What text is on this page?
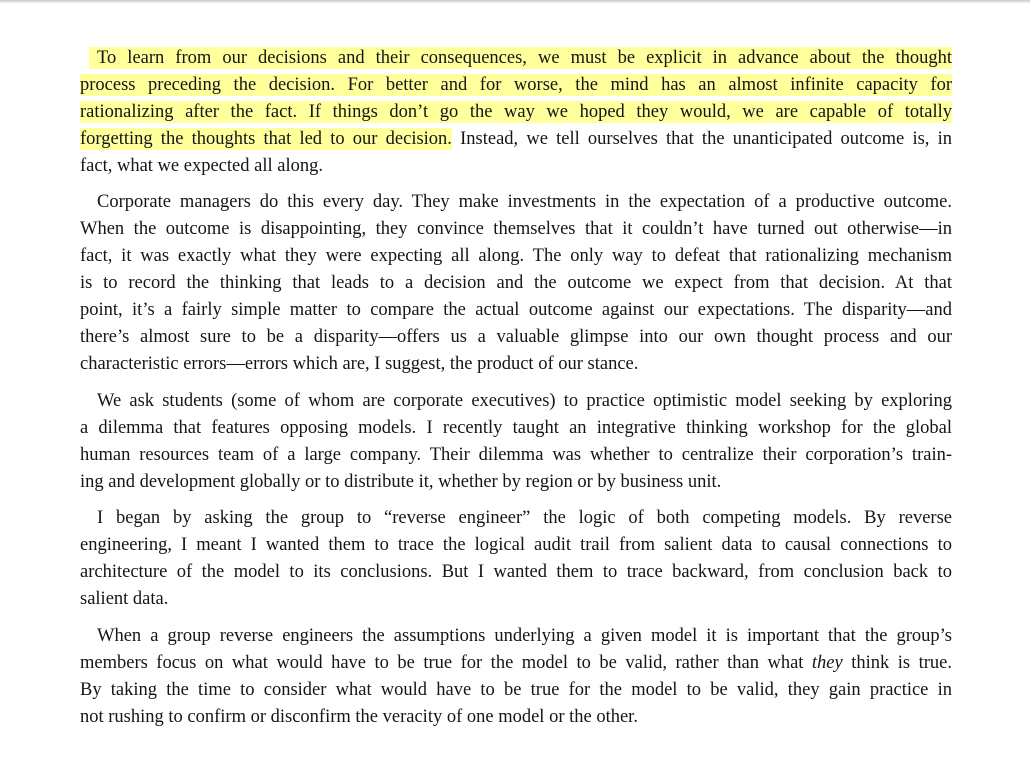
To learn from our decisions and their consequences, we must be explicit in advance about the thought
process preceding the decision. For better and for worse, the mind has an almost infinite capacity for
rationalizing after the fact. If things don’t go the way we hoped they would, we are capable of totally
forgetting the thoughts that led to our decision. Instead, we tell ourselves that the unanticipated outcome is, in
fact, what we expected all along.
Corporate managers do this every day. They make investments in the expectation of a productive outcome.
When the outcome is disappointing, they convince themselves that it couldn’t have turned out otherwise—in
fact, it was exactly what they were expecting all along. The only way to defeat that rationalizing mechanism
is to record the thinking that leads to a decision and the outcome we expect from that decision. At that
point, it’s a fairly simple matter to compare the actual outcome against our expectations. The disparity—and
there’s almost sure to be a disparity—offers us a valuable glimpse into our own thought process and our
characteristic errors—errors which are, I suggest, the product of our stance.
We ask students (some of whom are corporate executives) to practice optimistic model seeking by exploring
a dilemma that features opposing models. I recently taught an integrative thinking workshop for the global
human resources team of a large company. Their dilemma was whether to centralize their corporation’s train-
ing and development globally or to distribute it, whether by region or by business unit.
I began by asking the group to “reverse engineer” the logic of both competing models. By reverse
engineering, I meant I wanted them to trace the logical audit trail from salient data to causal connections to
architecture of the model to its conclusions. But I wanted them to trace backward, from conclusion back to
salient data.
When a group reverse engineers the assumptions underlying a given model it is important that the group’s
members focus on what would have to be true for the model to be valid, rather than what they think is true.
By taking the time to consider what would have to be true for the model to be valid, they gain practice in
not rushing to confirm or disconfirm the veracity of one model or the other.
